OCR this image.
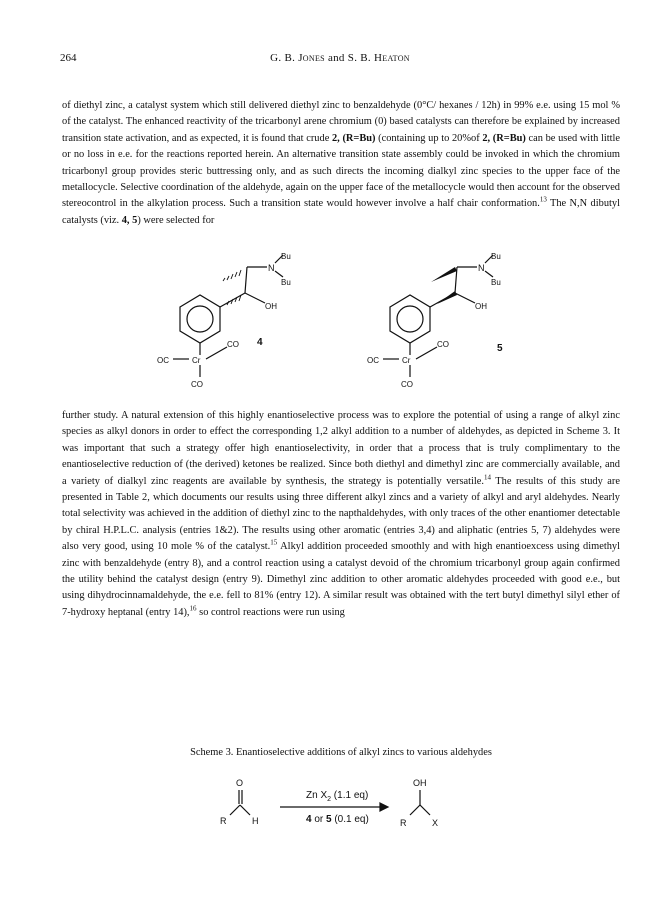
264	G. B. Jones and S. B. Heaton

of diethyl zinc, a catalyst system which still delivered diethyl zinc to benzaldehyde (0°C/ hexanes / 12h) in 99% e.e. using 15 mol % of the catalyst. The enhanced reactivity of the tricarbonyl arene chromium (0) based catalysts can therefore be explained by increased transition state activation, and as expected, it is found that crude 2, (R=Bu) (containing up to 20%of 2, (R=Bu) can be used with little or no loss in e.e. for the reactions reported herein. An alternative transition state assembly could be invoked in which the chromium tricarbonyl group provides steric buttressing only, and as such directs the incoming dialkyl zinc species to the upper face of the metallocycle. Selective coordination of the aldehyde, again on the upper face of the metallocycle would then account for the observed stereocontrol in the alkylation process. Such a transition state would however involve a half chair conformation.$^{13}$ The N,N dibutyl catalysts (viz. 4, 5) were selected for

N
Bu
Bu
OH
CO
Cr
OC
CO
4
N
Bu
Bu
OH
CO
Cr
OC
CO
5

further study. A natural extension of this highly enantioselective process was to explore the potential of using a range of alkyl zinc species as alkyl donors in order to effect the corresponding 1,2 alkyl addition to a number of aldehydes, as depicted in Scheme 3. It was important that such a strategy offer high enantioselectivity, in order that a process that is truly complimentary to the enantioselective reduction of (the derived) ketones be realized. Since both diethyl and dimethyl zinc are commercially available, and a variety of dialkyl zinc reagents are available by synthesis, the strategy is potentially versatile.$^{14}$ The results of this study are presented in Table 2, which documents our results using three different alkyl zincs and a variety of alkyl and aryl aldehydes. Nearly total selectivity was achieved in the addition of diethyl zinc to the napthaldehydes, with only traces of the other enantiomer detectable by chiral H.P.L.C. analysis (entries 1&2). The results using other aromatic (entries 3,4) and aliphatic (entries 5, 7) aldehydes were also very good, using 10 mole % of the catalyst.$^{15}$ Alkyl addition proceeded smoothly and with high enantioexcess using dimethyl zinc with benzaldehyde (entry 8), and a control reaction using a catalyst devoid of the chromium tricarbonyl group again confirmed the utility behind the catalyst design (entry 9). Dimethyl zinc addition to other aromatic aldehydes proceeded with good e.e., but using dihydrocinnamaldehyde, the e.e. fell to 81% (entry 12). A similar result was obtained with the tert butyl dimethyl silyl ether of 7-hydroxy heptanal (entry 14),$^{16}$ so control reactions were run using

Scheme 3. Enantioselective additions of alkyl zincs to various aldehydes
O
R	H
Zn $X_2$ (1.1 eq)
4 or 5 (0.1 eq)
OH
R	X
